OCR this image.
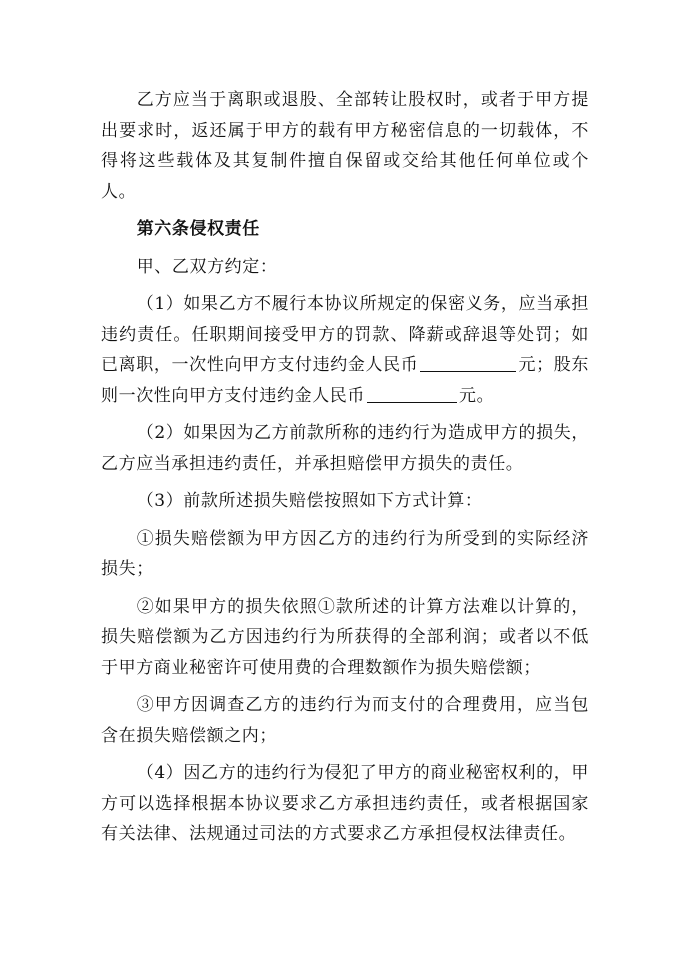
乙方应当于离职或退股、全部转让股权时，或者于甲方提出要求时，返还属于甲方的载有甲方秘密信息的一切载体，不得将这些载体及其复制件擅自保留或交给其他任何单位或个人。

第六条侵权责任

甲、乙双方约定：

（1）如果乙方不履行本协议所规定的保密义务，应当承担违约责任。任职期间接受甲方的罚款、降薪或辞退等处罚；如已离职，一次性向甲方支付违约金人民币	元；股东则一次性向甲方支付违约金人民币	元。

（2）如果因为乙方前款所称的违约行为造成甲方的损失，乙方应当承担违约责任，并承担赔偿甲方损失的责任。

（3）前款所述损失赔偿按照如下方式计算：

①损失赔偿额为甲方因乙方的违约行为所受到的实际经济损失；

②如果甲方的损失依照①款所述的计算方法难以计算的，损失赔偿额为乙方因违约行为所获得的全部利润；或者以不低于甲方商业秘密许可使用费的合理数额作为损失赔偿额；

③甲方因调查乙方的违约行为而支付的合理费用，应当包含在损失赔偿额之内；

（4）因乙方的违约行为侵犯了甲方的商业秘密权利的，甲方可以选择根据本协议要求乙方承担违约责任，或者根据国家有关法律、法规通过司法的方式要求乙方承担侵权法律责任。
